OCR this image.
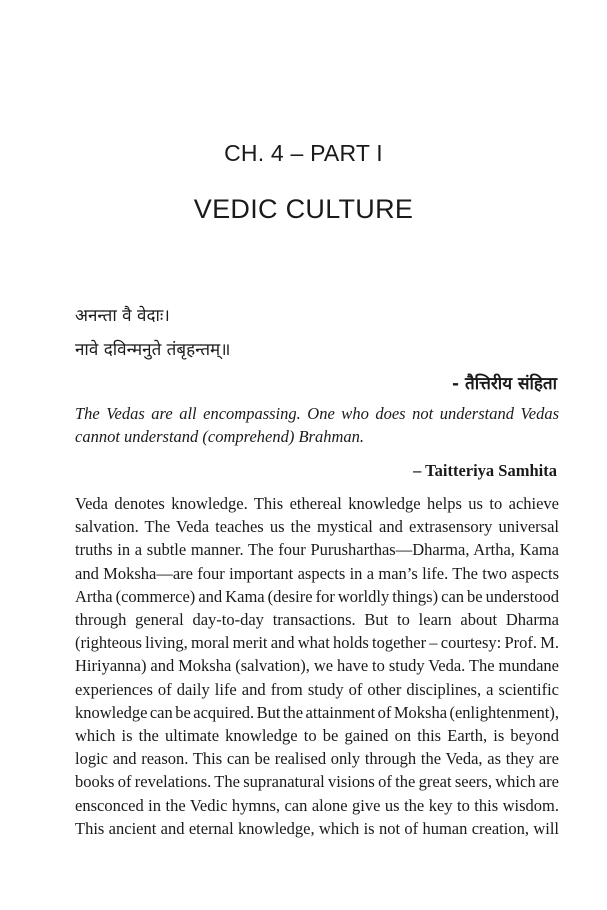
CH. 4 – PART I
VEDIC CULTURE
अनन्ता वै वेदाः।
नावे दविन्मनुते तंबृहन्तम्॥
- तैत्तिरीय संहिता

The Vedas are all encompassing. One who does not understand Vedas cannot understand (comprehend) Brahman.

– Taitteriya Samhita
Veda denotes knowledge. This ethereal knowledge helps us to achieve
salvation. The Veda teaches us the mystical and extrasensory universal
truths in a subtle manner. The four Purusharthas—Dharma, Artha, Kama
and Moksha—are four important aspects in a man’s life. The two aspects
Artha (commerce) and Kama (desire for worldly things) can be understood
through general day-to-day transactions. But to learn about Dharma
(righteous living, moral merit and what holds together – courtesy: Prof. M.
Hiriyanna) and Moksha (salvation), we have to study Veda. The mundane
experiences of daily life and from study of other disciplines, a scientific
knowledge can be acquired. But the attainment of Moksha (enlightenment),
which is the ultimate knowledge to be gained on this Earth, is beyond
logic and reason. This can be realised only through the Veda, as they are
books of revelations. The supranatural visions of the great seers, which are
ensconced in the Vedic hymns, can alone give us the key to this wisdom.
This ancient and eternal knowledge, which is not of human creation, will
